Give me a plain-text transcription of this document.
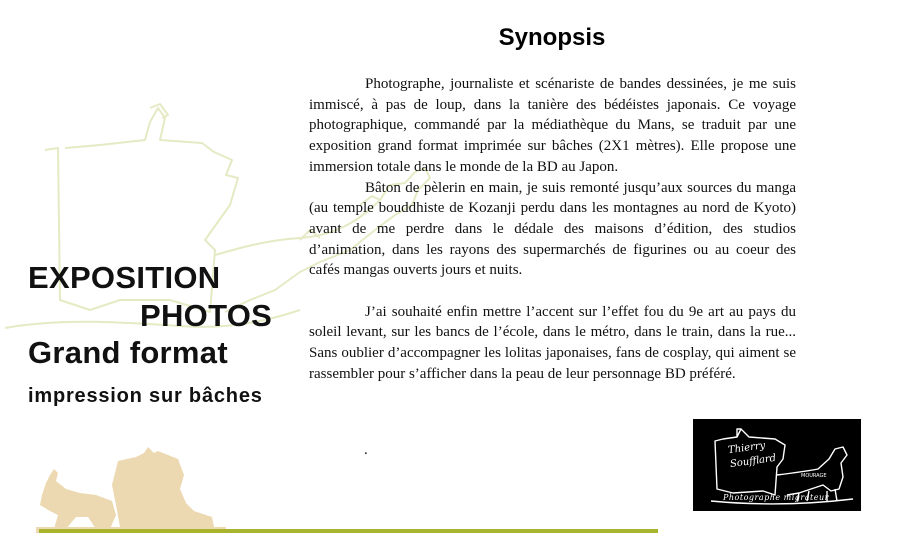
Synopsis

Photographe, journaliste et scénariste de bandes dessinées, je me suis immiscé, à pas de loup, dans la tanière des bédéistes japonais. Ce voyage photographique, commandé par la médiathèque du Mans, se traduit par une exposition grand format imprimée sur bâches (2X1 mètres). Elle propose une immersion totale dans le monde de la BD au Japon.

Bâton de pèlerin en main, je suis remonté jusqu’aux sources du manga (au temple bouddhiste de Kozanji perdu dans les montagnes au nord de Kyoto) avant de me perdre dans le dédale des maisons d’édition, des studios d’animation, dans les rayons des supermarchés de figurines ou au coeur des cafés mangas ouverts jours et nuits.

J’ai souhaité enfin mettre l’accent sur l’effet fou du 9e art au pays du soleil levant, sur les bancs de l’école, dans le métro, dans le train, dans la rue... Sans oublier d’accompagner les lolitas japonaises, fans de cosplay, qui aiment se rassembler pour s’afficher dans la peau de leur personnage BD préféré.

.
EXPOSITION
PHOTOS
Grand format
impression sur bâches
Thierry
Soufflard
MOURAGE
Photographe migrateur
